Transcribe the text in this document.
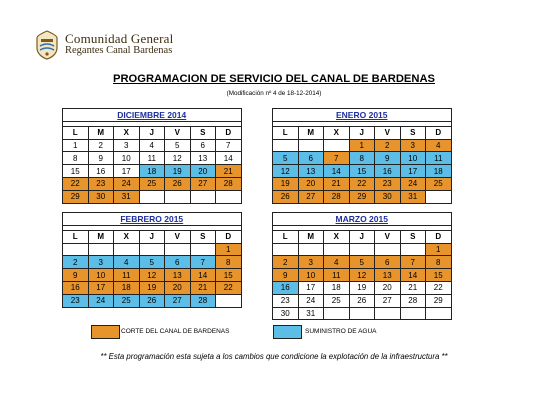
Comunidad General
Regantes Canal Bardenas
PROGRAMACION DE SERVICIO DEL CANAL DE BARDENAS
(Modificación nº 4 de 18-12-2014)
DICIEMBRE 2014						

L	M	X	J	V	S	D
1	2	3	4	5	6	7
8	9	10	11	12	13	14
15	16	17	18	19	20	21
22	23	24	25	26	27	28
29	30	31				
ENERO 2015						

L	M	X	J	V	S	D
			1	2	3	4
5	6	7	8	9	10	11
12	13	14	15	16	17	18
19	20	21	22	23	24	25
26	27	28	29	30	31	
FEBRERO 2015						

L	M	X	J	V	S	D
						1
2	3	4	5	6	7	8
9	10	11	12	13	14	15
16	17	18	19	20	21	22
23	24	25	26	27	28	
MARZO 2015						

L	M	X	J	V	S	D
						1
2	3	4	5	6	7	8
9	10	11	12	13	14	15
16	17	18	19	20	21	22
23	24	25	26	27	28	29
30	31					
CORTE DEL CANAL DE BARDENAS	SUMINISTRO DE AGUA
** Esta programación esta sujeta a los cambios que condicione la explotación de la infraestructura **
